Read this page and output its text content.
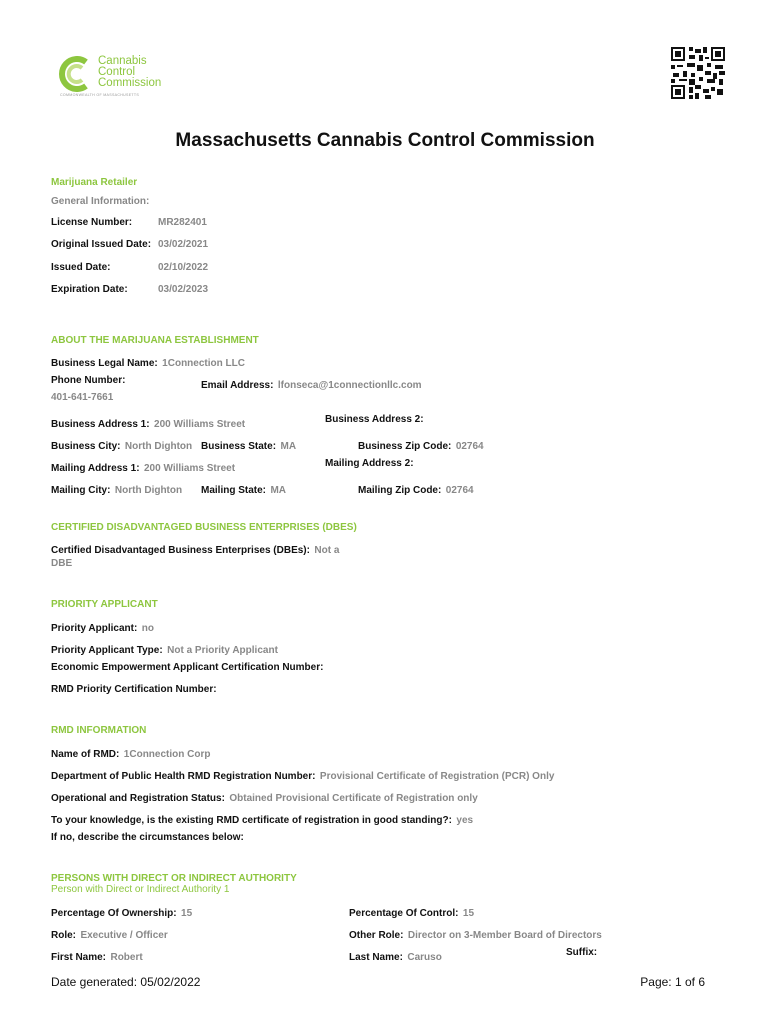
Cannabis
Control
Commission
COMMONWEALTH OF MASSACHUSETTS
Massachusetts Cannabis Control Commission
Marijuana Retailer
General Information:
License Number:	MR282401
Original Issued Date: 03/02/2021
Issued Date:	02/10/2022
Expiration Date:	03/02/2023
ABOUT THE MARIJUANA ESTABLISHMENT
Business Legal Name: 1Connection LLC
Phone Number:	Email Address: lfonseca@1connectionllc.com
401-641-7661
Business Address 1: 200 Williams Street	Business Address 2:
Business City: North Dighton Business State: MA	Business Zip Code: 02764
Mailing Address 1: 200 Williams Street	Mailing Address 2:
Mailing City: North Dighton Mailing State: MA	Mailing Zip Code: 02764
CERTIFIED DISADVANTAGED BUSINESS ENTERPRISES (DBES)
Certified Disadvantaged Business Enterprises (DBEs): Not a
DBE
PRIORITY APPLICANT
Priority Applicant: no
Priority Applicant Type: Not a Priority Applicant
Economic Empowerment Applicant Certification Number:
RMD Priority Certification Number:
RMD INFORMATION
Name of RMD: 1Connection Corp
Department of Public Health RMD Registration Number: Provisional Certificate of Registration (PCR) Only
Operational and Registration Status: Obtained Provisional Certificate of Registration only
To your knowledge, is the existing RMD certificate of registration in good standing?: yes
If no, describe the circumstances below:
PERSONS WITH DIRECT OR INDIRECT AUTHORITY
Person with Direct or Indirect Authority 1
Percentage Of Ownership: 15	Percentage Of Control: 15
Role: Executive / Officer	Other Role: Director on 3-Member Board of Directors
First Name: Robert	Last Name: Caruso	Suffix:
Date generated: 05/02/2022	Page: 1 of 6
